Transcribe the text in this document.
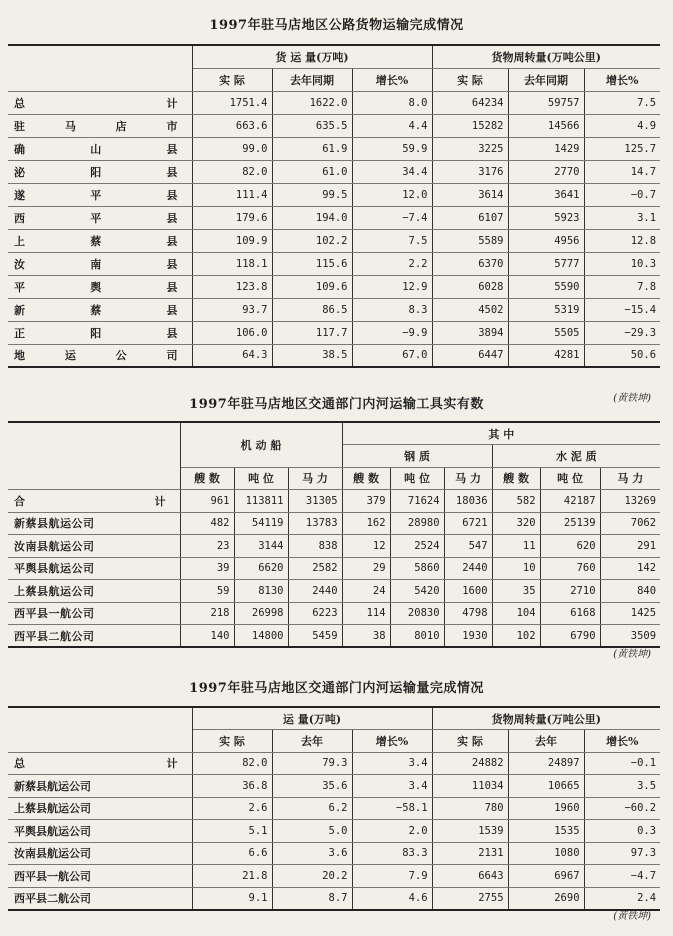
1997年驻马店地区公路货物运输完成情况
	货 运 量(万吨)			货物周转量(万吨公里)		
	实 际	去年同期	增长%	实 际	去年同期	增长%
总计	1751.4	1622.0	8.0	64234	59757	7.5
驻马店市	663.6	635.5	4.4	15282	14566	4.9
确山县	99.0	61.9	59.9	3225	1429	125.7
泌阳县	82.0	61.0	34.4	3176	2770	14.7
遂平县	111.4	99.5	12.0	3614	3641	−0.7
西平县	179.6	194.0	−7.4	6107	5923	3.1
上蔡县	109.9	102.2	7.5	5589	4956	12.8
汝南县	118.1	115.6	2.2	6370	5777	10.3
平舆县	123.8	109.6	12.9	6028	5590	7.8
新蔡县	93.7	86.5	8.3	4502	5319	−15.4
正阳县	106.0	117.7	−9.9	3894	5505	−29.3
地运公司	64.3	38.5	67.0	6447	4281	50.6
(黄铁坤)
1997年驻马店地区交通部门内河运输工具实有数
	机 动 船			其 中					
				钢 质			水 泥 质		
	艘 数	吨 位	马 力	艘 数	吨 位	马 力	艘 数	吨 位	马 力
合计	961	113811	31305	379	71624	18036	582	42187	13269
新蔡县航运公司	482	54119	13783	162	28980	6721	320	25139	7062
汝南县航运公司	23	3144	838	12	2524	547	11	620	291
平舆县航运公司	39	6620	2582	29	5860	2440	10	760	142
上蔡县航运公司	59	8130	2440	24	5420	1600	35	2710	840
西平县一航公司	218	26998	6223	114	20830	4798	104	6168	1425
西平县二航公司	140	14800	5459	38	8010	1930	102	6790	3509
(黄铁坤)
1997年驻马店地区交通部门内河运输量完成情况
	运 量(万吨)			货物周转量(万吨公里)		
	实 际	去年	增长%	实 际	去年	增长%
总计	82.0	79.3	3.4	24882	24897	−0.1
新蔡县航运公司	36.8	35.6	3.4	11034	10665	3.5
上蔡县航运公司	2.6	6.2	−58.1	780	1960	−60.2
平舆县航运公司	5.1	5.0	2.0	1539	1535	0.3
汝南县航运公司	6.6	3.6	83.3	2131	1080	97.3
西平县一航公司	21.8	20.2	7.9	6643	6967	−4.7
西平县二航公司	9.1	8.7	4.6	2755	2690	2.4
(黄铁坤)
